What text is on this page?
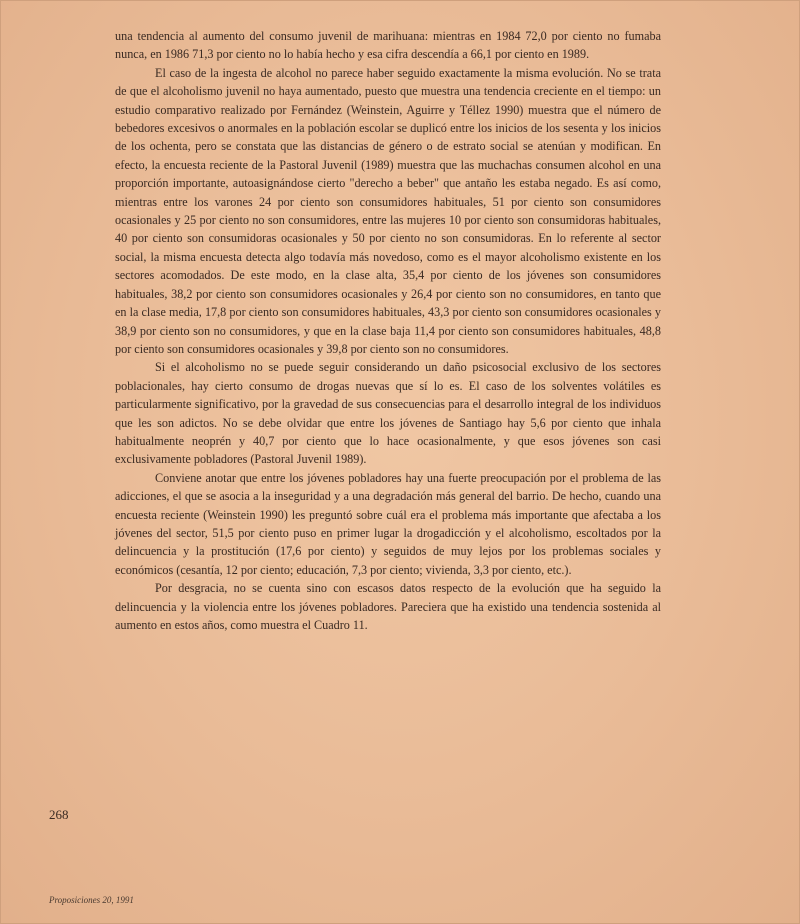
una tendencia al aumento del consumo juvenil de marihuana: mientras en 1984 72,0 por ciento no fumaba nunca, en 1986 71,3 por ciento no lo había hecho y esa cifra descendía a 66,1 por ciento en 1989.

El caso de la ingesta de alcohol no parece haber seguido exactamente la misma evolución. No se trata de que el alcoholismo juvenil no haya aumentado, puesto que muestra una tendencia creciente en el tiempo: un estudio comparativo realizado por Fernández (Weinstein, Aguirre y Téllez 1990) muestra que el número de bebedores excesivos o anormales en la población escolar se duplicó entre los inicios de los sesenta y los inicios de los ochenta, pero se constata que las distancias de género o de estrato social se atenúan y modifican. En efecto, la encuesta reciente de la Pastoral Juvenil (1989) muestra que las muchachas consumen alcohol en una proporción importante, autoasignándose cierto "derecho a beber" que antaño les estaba negado. Es así como, mientras entre los varones 24 por ciento son consumidores habituales, 51 por ciento son consumidores ocasionales y 25 por ciento no son consumidores, entre las mujeres 10 por ciento son consumidoras habituales, 40 por ciento son consumidoras ocasionales y 50 por ciento no son consumidoras. En lo referente al sector social, la misma encuesta detecta algo todavía más novedoso, como es el mayor alcoholismo existente en los sectores acomodados. De este modo, en la clase alta, 35,4 por ciento de los jóvenes son consumidores habituales, 38,2 por ciento son consumidores ocasionales y 26,4 por ciento son no consumidores, en tanto que en la clase media, 17,8 por ciento son consumidores habituales, 43,3 por ciento son consumidores ocasionales y 38,9 por ciento son no consumidores, y que en la clase baja 11,4 por ciento son consumidores habituales, 48,8 por ciento son consumidores ocasionales y 39,8 por ciento son no consumidores.

Si el alcoholismo no se puede seguir considerando un daño psicosocial exclusivo de los sectores poblacionales, hay cierto consumo de drogas nuevas que sí lo es. El caso de los solventes volátiles es particularmente significativo, por la gravedad de sus consecuencias para el desarrollo integral de los individuos que les son adictos. No se debe olvidar que entre los jóvenes de Santiago hay 5,6 por ciento que inhala habitualmente neoprén y 40,7 por ciento que lo hace ocasionalmente, y que esos jóvenes son casi exclusivamente pobladores (Pastoral Juvenil 1989).

Conviene anotar que entre los jóvenes pobladores hay una fuerte preocupación por el problema de las adicciones, el que se asocia a la inseguridad y a una degradación más general del barrio. De hecho, cuando una encuesta reciente (Weinstein 1990) les preguntó sobre cuál era el problema más importante que afectaba a los jóvenes del sector, 51,5 por ciento puso en primer lugar la drogadicción y el alcoholismo, escoltados por la delincuencia y la prostitución (17,6 por ciento) y seguidos de muy lejos por los problemas sociales y económicos (cesantía, 12 por ciento; educación, 7,3 por ciento; vivienda, 3,3 por ciento, etc.).

Por desgracia, no se cuenta sino con escasos datos respecto de la evolución que ha seguido la delincuencia y la violencia entre los jóvenes pobladores. Pareciera que ha existido una tendencia sostenida al aumento en estos años, como muestra el Cuadro 11.

268
Proposiciones 20, 1991
